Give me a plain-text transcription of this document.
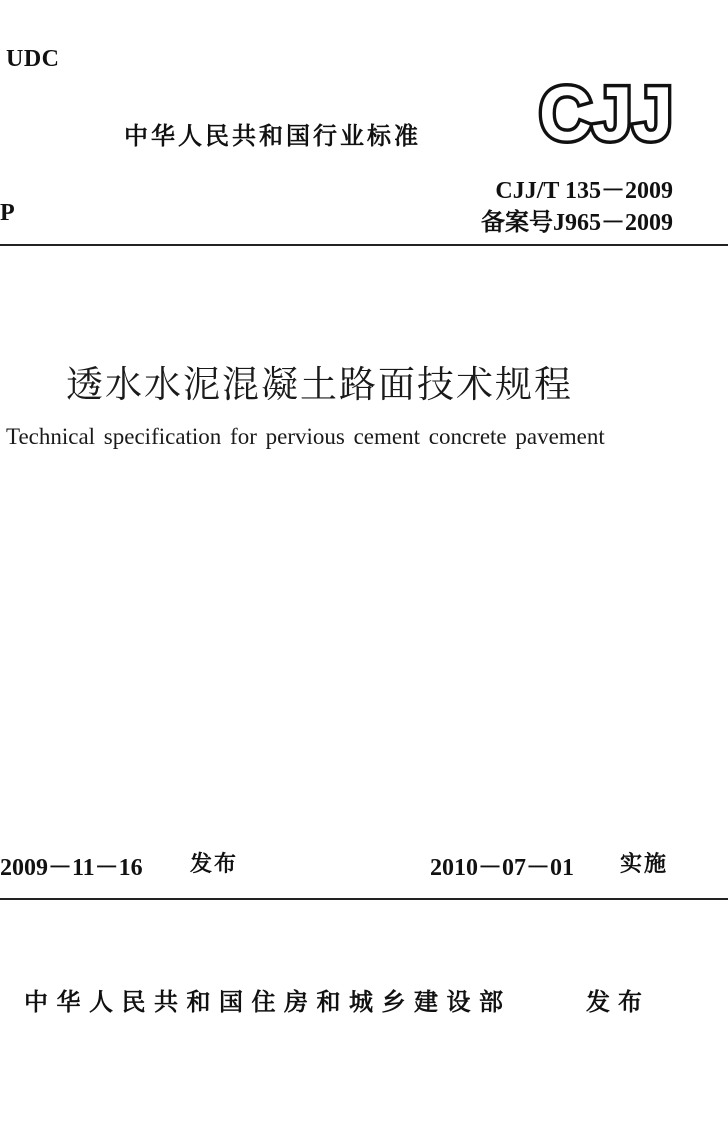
UDC
中华人民共和国行业标准 CJJ
P
CJJ/T 135－2009
备案号J965－2009
透水水泥混凝土路面技术规程
Technical specification for pervious cement concrete pavement
2009－11－16 发布	2010－07－01 实施
中华人民共和国住房和城乡建设部	发布
